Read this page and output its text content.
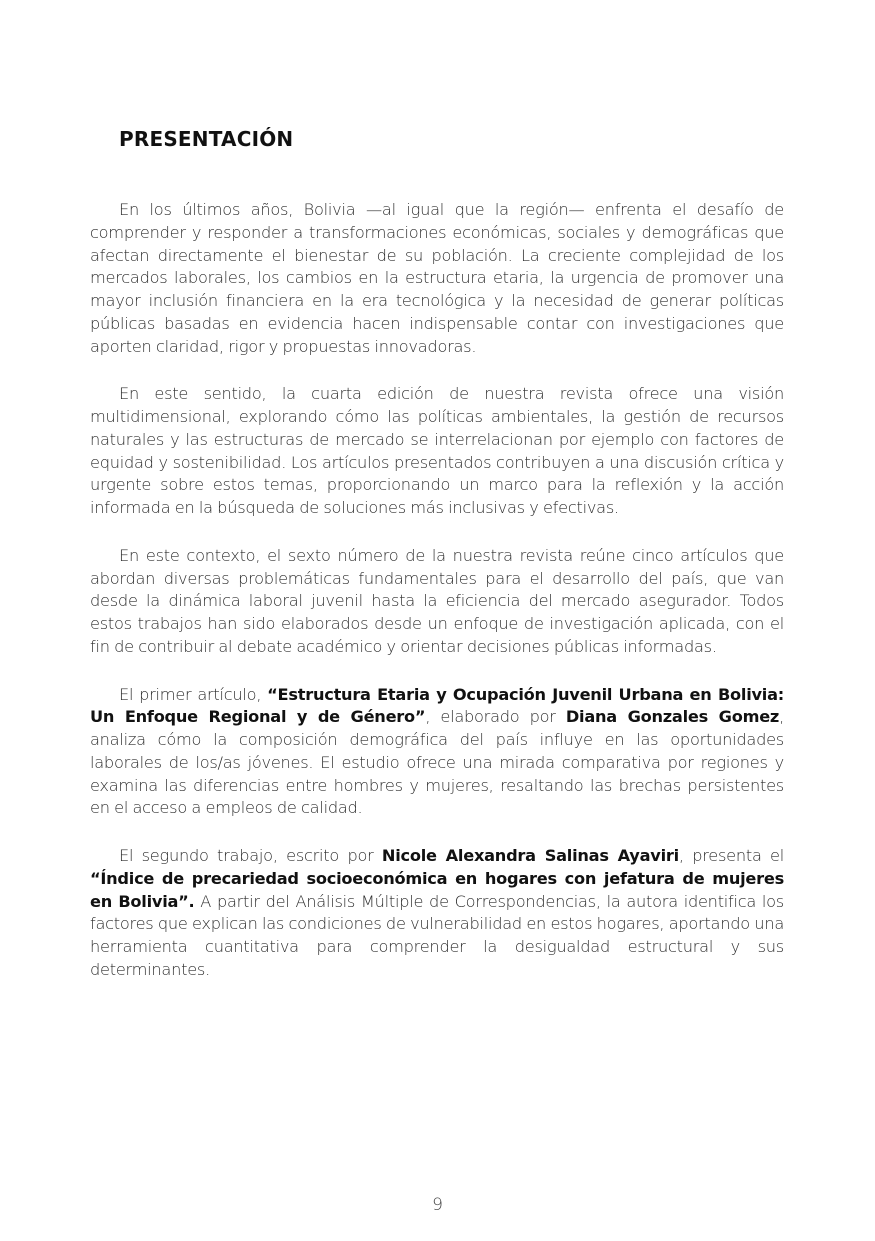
PRESENTACIÓN

En los últimos años, Bolivia —al igual que la región— enfrenta el desafío de comprender y responder a transformaciones económicas, sociales y demográficas que afectan directamente el bienestar de su población. La creciente complejidad de los mercados laborales, los cambios en la estructura etaria, la urgencia de promover una mayor inclusión financiera en la era tecnológica y la necesidad de generar políticas públicas basadas en evidencia hacen indispensable contar con investigaciones que aporten claridad, rigor y propuestas innovadoras.

En este sentido, la cuarta edición de nuestra revista ofrece una visión multidimensional, explorando cómo las políticas ambientales, la gestión de recursos naturales y las estructuras de mercado se interrelacionan por ejemplo con factores de equidad y sostenibilidad. Los artículos presentados contribuyen a una discusión crítica y urgente sobre estos temas, proporcionando un marco para la reflexión y la acción informada en la búsqueda de soluciones más inclusivas y efectivas.

En este contexto, el sexto número de la nuestra revista reúne cinco artículos que abordan diversas problemáticas fundamentales para el desarrollo del país, que van desde la dinámica laboral juvenil hasta la eficiencia del mercado asegurador. Todos estos trabajos han sido elaborados desde un enfoque de investigación aplicada, con el fin de contribuir al debate académico y orientar decisiones públicas informadas.

El primer artículo, “Estructura Etaria y Ocupación Juvenil Urbana en Bolivia: Un Enfoque Regional y de Género”, elaborado por Diana Gonzales Gomez, analiza cómo la composición demográfica del país influye en las oportunidades laborales de los/as jóvenes. El estudio ofrece una mirada comparativa por regiones y examina las diferencias entre hombres y mujeres, resaltando las brechas persistentes en el acceso a empleos de calidad.

El segundo trabajo, escrito por Nicole Alexandra Salinas Ayaviri, presenta el “Índice de precariedad socioeconómica en hogares con jefatura de mujeres en Bolivia”. A partir del Análisis Múltiple de Correspondencias, la autora identifica los factores que explican las condiciones de vulnerabilidad en estos hogares, aportando una herramienta cuantitativa para comprender la desigualdad estructural y sus determinantes.

9
